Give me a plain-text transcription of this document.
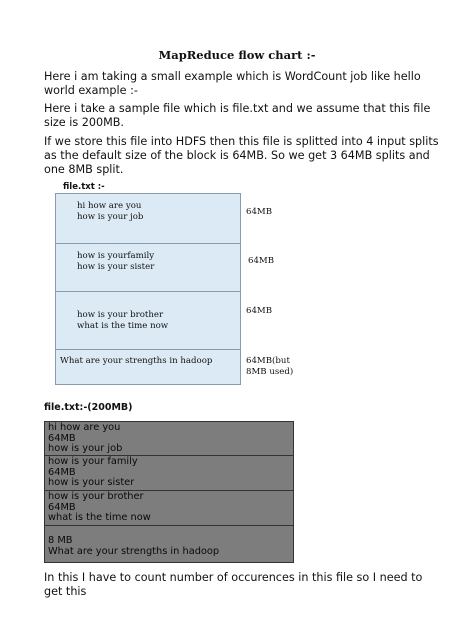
MapReduce flow chart :-

Here i am taking a small example which is WordCount job like hello world example :-

Here i take a sample file which is file.txt and we assume that this file size is 200MB.

If we store this file into HDFS then this file is splitted into 4 input splits as the default size of the block is 64MB. So we get 3 64MB splits and one 8MB split.

file.txt :-
hi how are you
how is your job
how is yourfamily
how is your sister
how is your brother
what is the time now
What are your strengths in hadoop
64MB
64MB
64MB
64MB(but
8MB used)
file.txt:-(200MB)
hi how are you
64MB
how is your job
how is your family
64MB
how is your sister
how is your brother
64MB
what is the time now
8 MB
What are your strengths in hadoop

In this I have to count number of occurences in this file so I need to get this
